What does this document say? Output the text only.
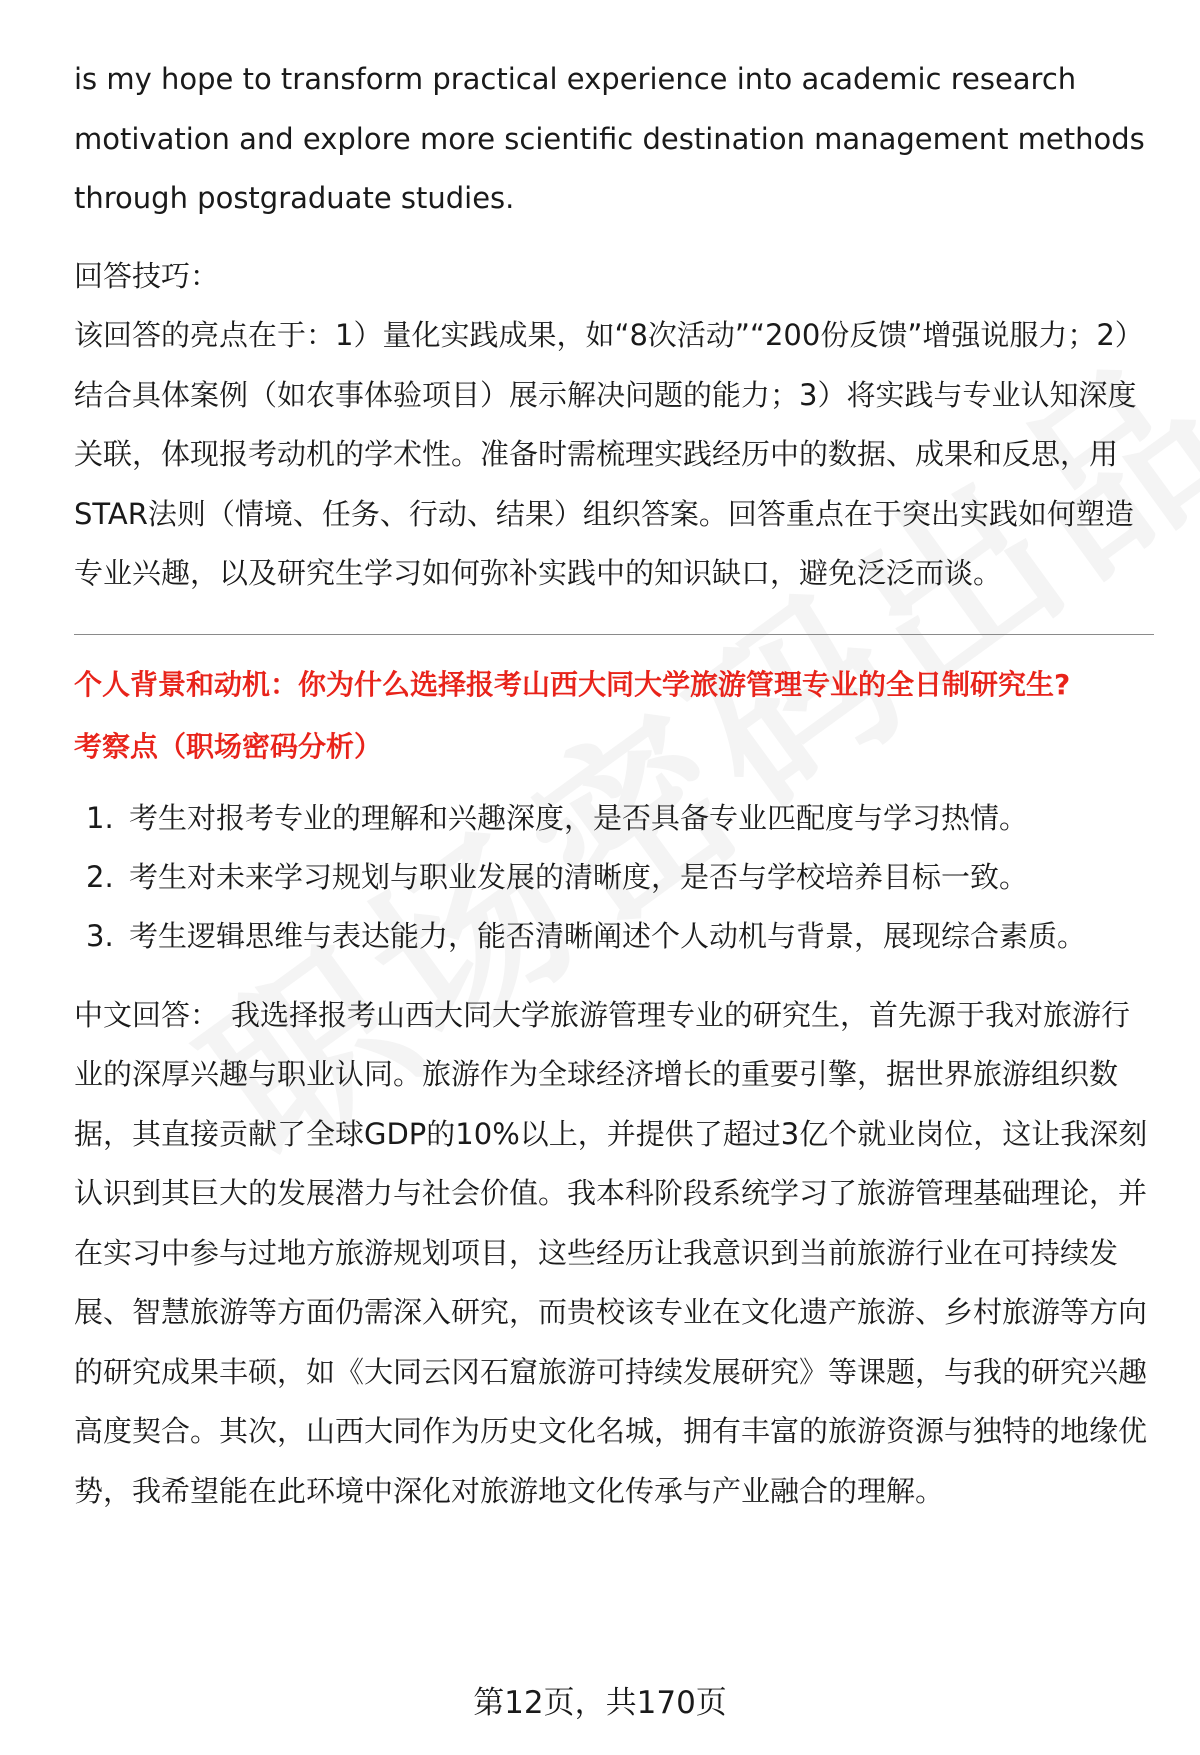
is my hope to transform practical experience into academic research motivation and explore more scientific destination management methods through postgraduate studies.

回答技巧：

该回答的亮点在于：1）量化实践成果，如“8次活动”“200份反馈”增强说服力；2）结合具体案例（如农事体验项目）展示解决问题的能力；3）将实践与专业认知深度关联，体现报考动机的学术性。准备时需梳理实践经历中的数据、成果和反思，用STAR法则（情境、任务、行动、结果）组织答案。回答重点在于突出实践如何塑造专业兴趣，以及研究生学习如何弥补实践中的知识缺口，避免泛泛而谈。

个人背景和动机：你为什么选择报考山西大同大学旅游管理专业的全日制研究生?

考察点（职场密码分析）

1. 考生对报考专业的理解和兴趣深度，是否具备专业匹配度与学习热情。
2. 考生对未来学习规划与职业发展的清晰度，是否与学校培养目标一致。
3. 考生逻辑思维与表达能力，能否清晰阐述个人动机与背景，展现综合素质。

中文回答： 我选择报考山西大同大学旅游管理专业的研究生，首先源于我对旅游行业的深厚兴趣与职业认同。旅游作为全球经济增长的重要引擎，据世界旅游组织数据，其直接贡献了全球GDP的10%以上，并提供了超过3亿个就业岗位，这让我深刻认识到其巨大的发展潜力与社会价值。我本科阶段系统学习了旅游管理基础理论，并在实习中参与过地方旅游规划项目，这些经历让我意识到当前旅游行业在可持续发展、智慧旅游等方面仍需深入研究，而贵校该专业在文化遗产旅游、乡村旅游等方向的研究成果丰硕，如《大同云冈石窟旅游可持续发展研究》等课题，与我的研究兴趣高度契合。其次，山西大同作为历史文化名城，拥有丰富的旅游资源与独特的地缘优势，我希望能在此环境中深化对旅游地文化传承与产业融合的理解。

第12页，共170页
